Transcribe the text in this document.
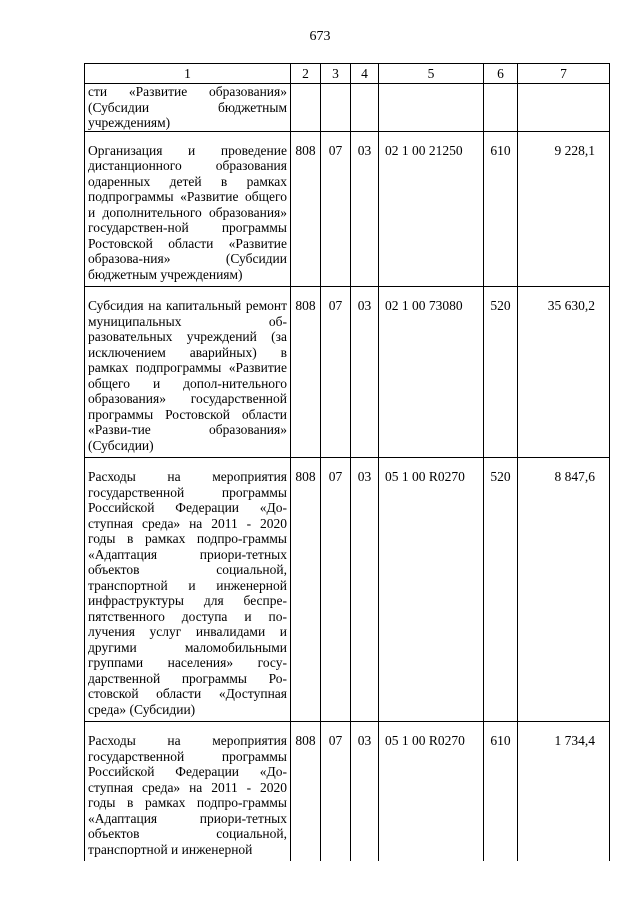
673
1	2	3	4	5	6	7
сти «Развитие образования» (Субсидии бюджетным учреждениям)						
Организация и проведение дистанционного образования одаренных детей в рамках подпрограммы «Развитие общего и дополнительного образования» государствен-ной программы Ростовской области «Развитие образова-ния» (Субсидии бюджетным учреждениям)	808	07	03	02 1 00 21250	610	9 228,1
Субсидия на капитальный ремонт муниципальных об-разовательных учреждений (за исключением аварийных) в рамках подпрограммы «Развитие общего и допол-нительного образования» государственной программы Ростовской области «Разви-тие образования» (Субсидии)	808	07	03	02 1 00 73080	520	35 630,2
Расходы на мероприятия государственной программы Российской Федерации «До-ступная среда» на 2011 - 2020 годы в рамках подпро-граммы «Адаптация приори-тетных объектов социальной, транспортной и инженерной инфраструктуры для беспре-пятственного доступа и по-лучения услуг инвалидами и другими маломобильными группами населения» госу-дарственной программы Ро-стовской области «Доступная среда» (Субсидии)	808	07	03	05 1 00 R0270	520	8 847,6
Расходы на мероприятия государственной программы Российской Федерации «До-ступная среда» на 2011 - 2020 годы в рамках подпро-граммы «Адаптация приори-тетных объектов социальной, транспортной и инженерной	808	07	03	05 1 00 R0270	610	1 734,4
